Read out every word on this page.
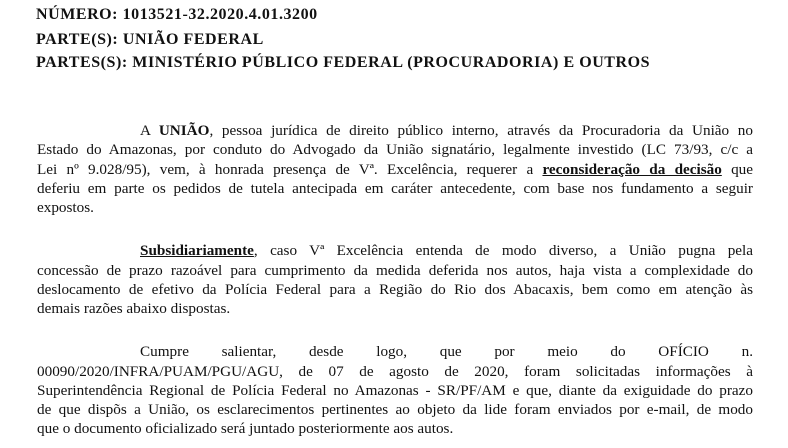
NÚMERO: 1013521-32.2020.4.01.3200
PARTE(S): UNIÃO FEDERAL
PARTES(S): MINISTÉRIO PÚBLICO FEDERAL (PROCURADORIA) E OUTROS
A UNIÃO, pessoa jurídica de direito público interno, através da Procuradoria da União no
Estado do Amazonas, por conduto do Advogado da União signatário, legalmente investido (LC 73/93, c/c a
Lei nº 9.028/95), vem, à honrada presença de Vª. Excelência, requerer a reconsideração da decisão que
deferiu em parte os pedidos de tutela antecipada em caráter antecedente, com base nos fundamento a seguir
expostos.
Subsidiariamente, caso Vª Excelência entenda de modo diverso, a União pugna pela
concessão de prazo razoável para cumprimento da medida deferida nos autos, haja vista a complexidade do
deslocamento de efetivo da Polícia Federal para a Região do Rio dos Abacaxis, bem como em atenção às
demais razões abaixo dispostas.
Cumpre salientar, desde logo, que por meio do OFÍCIO n.
00090/2020/INFRA/PUAM/PGU/AGU, de 07 de agosto de 2020, foram solicitadas informações à
Superintendência Regional de Polícia Federal no Amazonas - SR/PF/AM e que, diante da exiguidade do prazo
de que dispõs a União, os esclarecimentos pertinentes ao objeto da lide foram enviados por e-mail, de modo
que o documento oficializado será juntado posteriormente aos autos.
